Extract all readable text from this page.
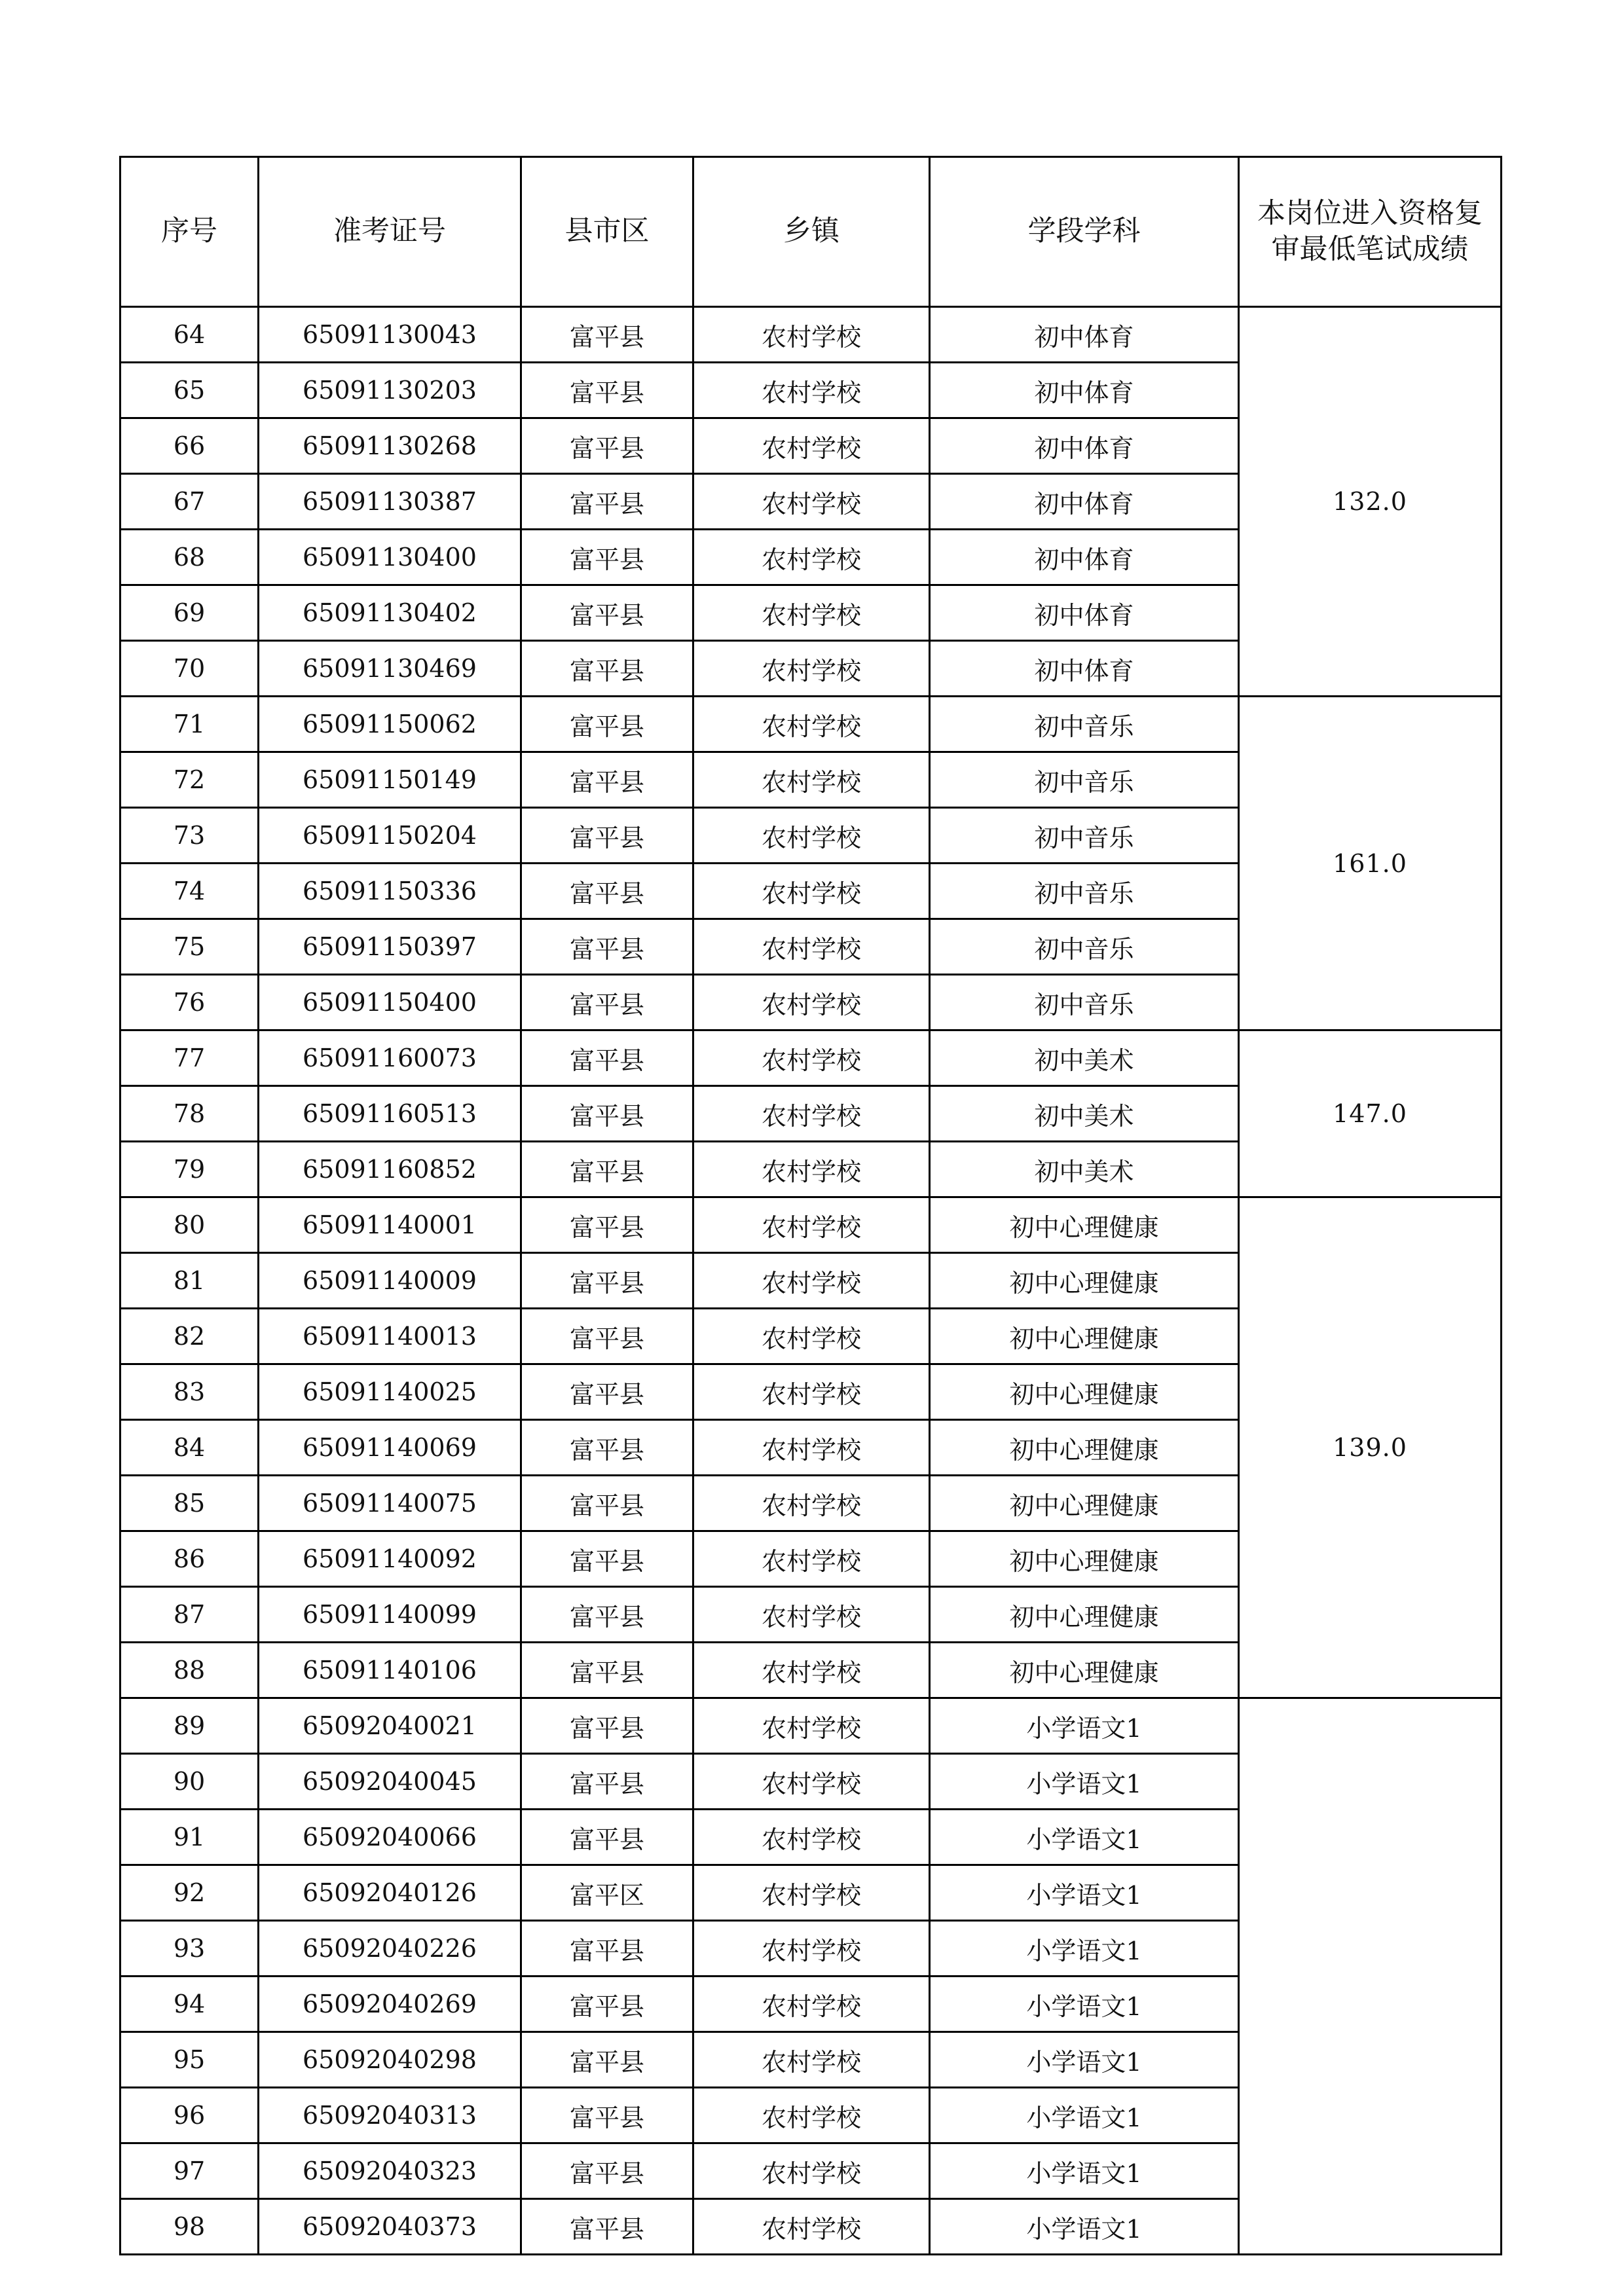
序号	准考证号	县市区	乡镇	学段学科	本岗位进入资格复审最低笔试成绩
64	65091130043	富平县	农村学校	初中体育	132.0
65	65091130203	富平县	农村学校	初中体育	
66	65091130268	富平县	农村学校	初中体育	
67	65091130387	富平县	农村学校	初中体育	
68	65091130400	富平县	农村学校	初中体育	
69	65091130402	富平县	农村学校	初中体育	
70	65091130469	富平县	农村学校	初中体育	
71	65091150062	富平县	农村学校	初中音乐	161.0
72	65091150149	富平县	农村学校	初中音乐	
73	65091150204	富平县	农村学校	初中音乐	
74	65091150336	富平县	农村学校	初中音乐	
75	65091150397	富平县	农村学校	初中音乐	
76	65091150400	富平县	农村学校	初中音乐	
77	65091160073	富平县	农村学校	初中美术	147.0
78	65091160513	富平县	农村学校	初中美术	
79	65091160852	富平县	农村学校	初中美术	
80	65091140001	富平县	农村学校	初中心理健康	139.0
81	65091140009	富平县	农村学校	初中心理健康	
82	65091140013	富平县	农村学校	初中心理健康	
83	65091140025	富平县	农村学校	初中心理健康	
84	65091140069	富平县	农村学校	初中心理健康	
85	65091140075	富平县	农村学校	初中心理健康	
86	65091140092	富平县	农村学校	初中心理健康	
87	65091140099	富平县	农村学校	初中心理健康	
88	65091140106	富平县	农村学校	初中心理健康	
89	65092040021	富平县	农村学校	小学语文1	
90	65092040045	富平县	农村学校	小学语文1	
91	65092040066	富平县	农村学校	小学语文1	
92	65092040126	富平区	农村学校	小学语文1	
93	65092040226	富平县	农村学校	小学语文1	
94	65092040269	富平县	农村学校	小学语文1	
95	65092040298	富平县	农村学校	小学语文1	
96	65092040313	富平县	农村学校	小学语文1	
97	65092040323	富平县	农村学校	小学语文1	
98	65092040373	富平县	农村学校	小学语文1	
